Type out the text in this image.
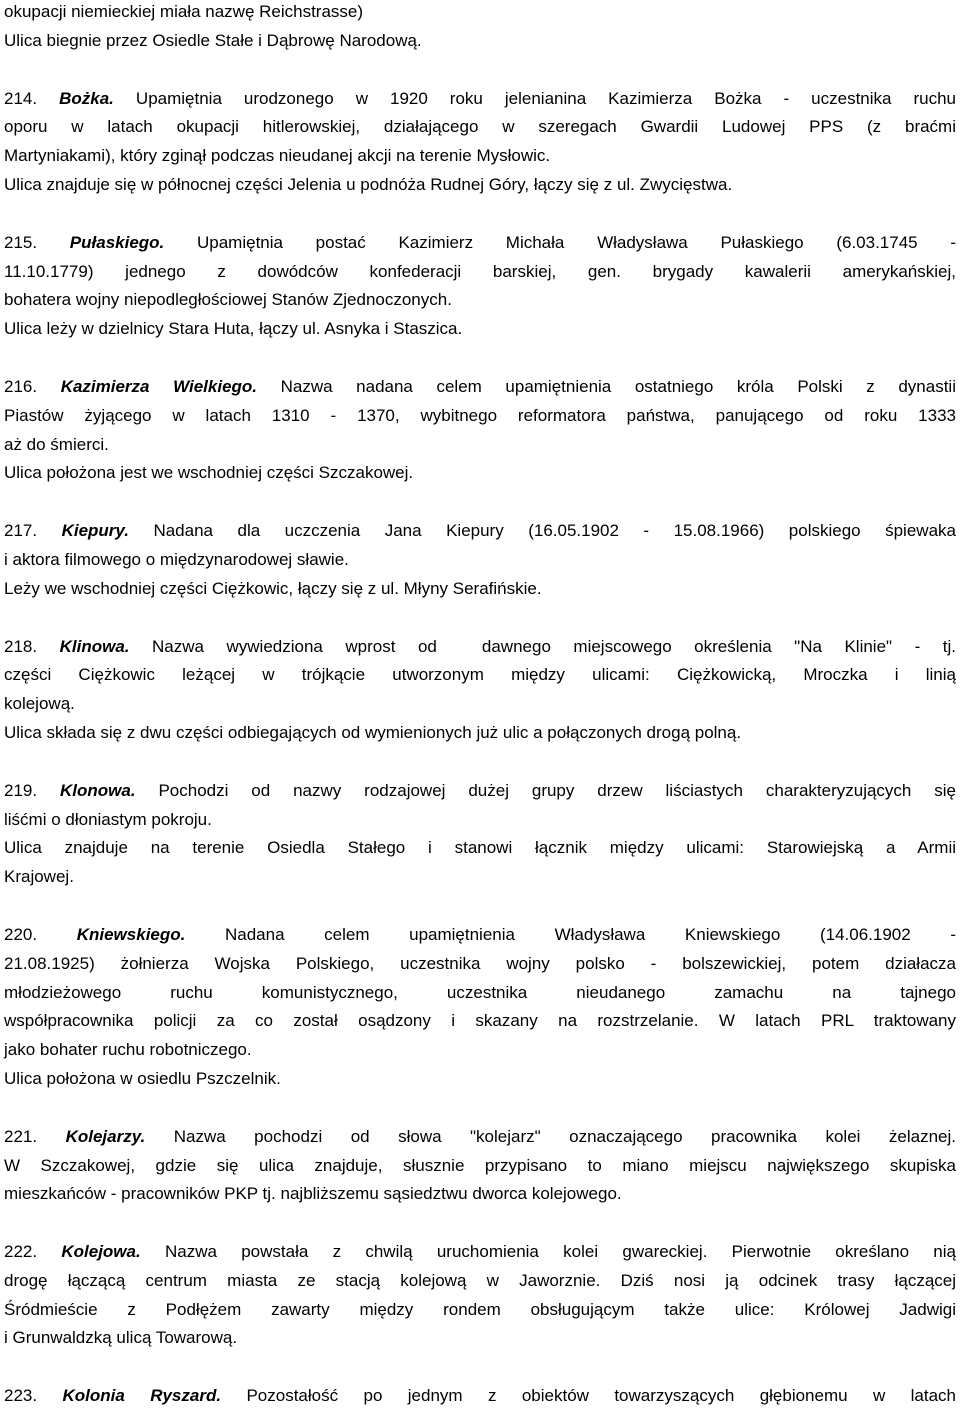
okupacji niemieckiej miała nazwę Reichstrasse)
Ulica biegnie przez Osiedle Stałe i Dąbrowę Narodową.
214. Bożka. Upamiętnia urodzonego w 1920 roku jelenianina Kazimierza Bożka - uczestnika ruchu
oporu w latach okupacji hitlerowskiej, działającego w szeregach Gwardii Ludowej PPS (z braćmi
Martyniakami), który zginął podczas nieudanej akcji na terenie Mysłowic.
Ulica znajduje się w północnej części Jelenia u podnóża Rudnej Góry, łączy się z ul. Zwycięstwa.
215. Pułaskiego. Upamiętnia postać Kazimierz Michała Władysława Pułaskiego (6.03.1745 -
11.10.1779) jednego z dowódców konfederacji barskiej, gen. brygady kawalerii amerykańskiej,
bohatera wojny niepodległościowej Stanów Zjednoczonych.
Ulica leży w dzielnicy Stara Huta, łączy ul. Asnyka i Staszica.
216. Kazimierza Wielkiego. Nazwa nadana celem upamiętnienia ostatniego króla Polski z dynastii
Piastów żyjącego w latach 1310 - 1370, wybitnego reformatora państwa, panującego od roku 1333
aż do śmierci.
Ulica położona jest we wschodniej części Szczakowej.
217. Kiepury. Nadana dla uczczenia Jana Kiepury (16.05.1902 - 15.08.1966) polskiego śpiewaka
i aktora filmowego o międzynarodowej sławie.
Leży we wschodniej części Ciężkowic, łączy się z ul. Młyny Serafińskie.
218. Klinowa. Nazwa wywiedziona wprost od  dawnego miejscowego określenia "Na Klinie" - tj.
części Ciężkowic leżącej w trójkącie utworzonym między ulicami: Ciężkowicką, Mroczka i linią
kolejową.
Ulica składa się z dwu części odbiegających od wymienionych już ulic a połączonych drogą polną.
219. Klonowa. Pochodzi od nazwy rodzajowej dużej grupy drzew liściastych charakteryzujących się
liśćmi o dłoniastym pokroju.
Ulica znajduje na terenie Osiedla Stałego i stanowi łącznik między ulicami: Starowiejską a Armii
Krajowej.
220. Kniewskiego. Nadana celem upamiętnienia Władysława Kniewskiego (14.06.1902 -
21.08.1925) żołnierza Wojska Polskiego, uczestnika wojny polsko - bolszewickiej, potem działacza
młodzieżowego ruchu komunistycznego, uczestnika nieudanego zamachu na tajnego
współpracownika policji za co został osądzony i skazany na rozstrzelanie. W latach PRL traktowany
jako bohater ruchu robotniczego.
Ulica położona w osiedlu Pszczelnik.
221. Kolejarzy. Nazwa pochodzi od słowa "kolejarz" oznaczającego pracownika kolei żelaznej.
W Szczakowej, gdzie się ulica znajduje, słusznie przypisano to miano miejscu największego skupiska
mieszkańców - pracowników PKP tj. najbliższemu sąsiedztwu dworca kolejowego.
222. Kolejowa. Nazwa powstała z chwilą uruchomienia kolei gwareckiej. Pierwotnie określano nią
drogę łączącą centrum miasta ze stacją kolejową w Jaworznie. Dziś nosi ją odcinek trasy łączącej
Śródmieście z Podłężem zawarty między rondem obsługującym także ulice: Królowej Jadwigi
i Grunwaldzką ulicą Towarową.
223. Kolonia Ryszard. Pozostałość po jednym z obiektów towarzyszących głębionemu w latach
